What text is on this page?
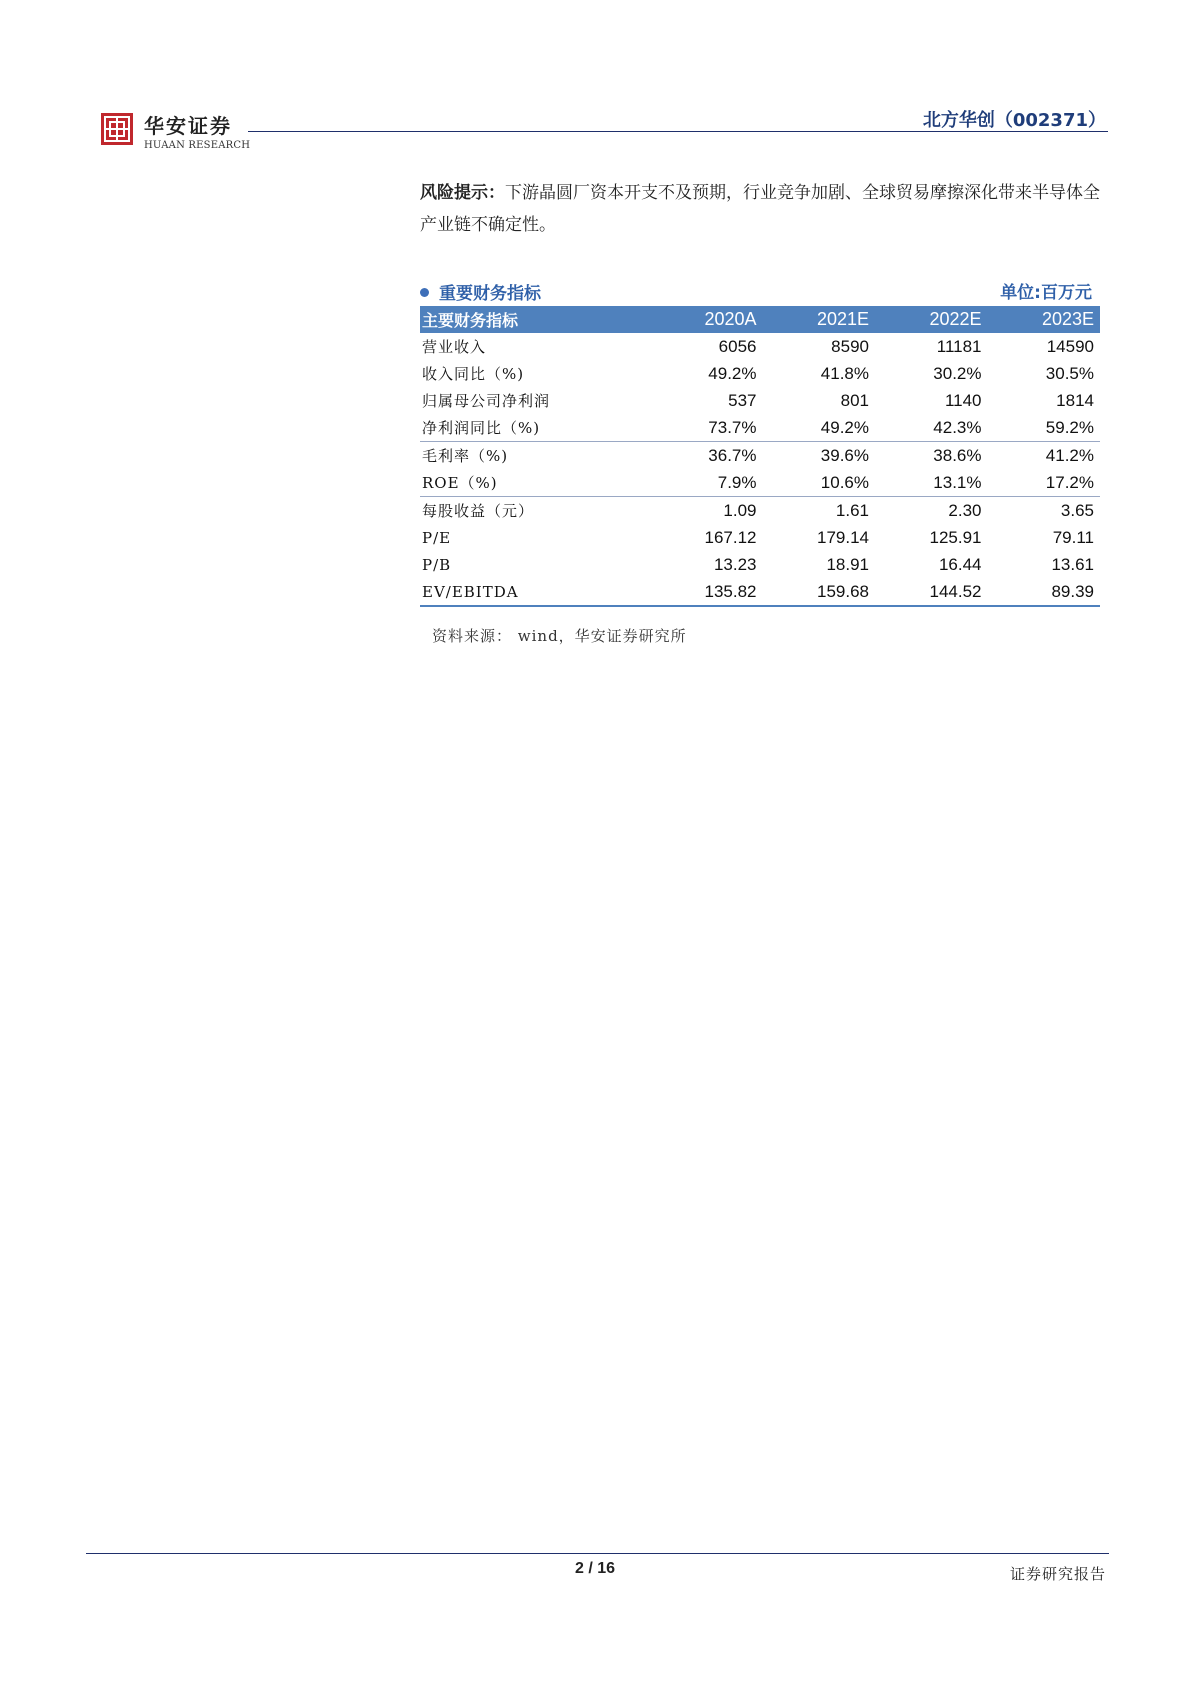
华安证券
HUAAN RESEARCH
北方华创（002371）
风险提示：下游晶圆厂资本开支不及预期，行业竞争加剧、全球贸易摩擦深化带来半导体全产业链不确定性。
重要财务指标	单位:百万元
主要财务指标	2020A	2021E	2022E	2023E
营业收入	6056	8590	11181	14590
收入同比（%)	49.2%	41.8%	30.2%	30.5%
归属母公司净利润	537	801	1140	1814
净利润同比（%)	73.7%	49.2%	42.3%	59.2%
毛利率（%)	36.7%	39.6%	38.6%	41.2%
ROE（%)	7.9%	10.6%	13.1%	17.2%
每股收益（元）	1.09	1.61	2.30	3.65
P/E	167.12	179.14	125.91	79.11
P/B	13.23	18.91	16.44	13.61
EV/EBITDA	135.82	159.68	144.52	89.39
资料来源： wind，华安证券研究所
2 / 16	证券研究报告
